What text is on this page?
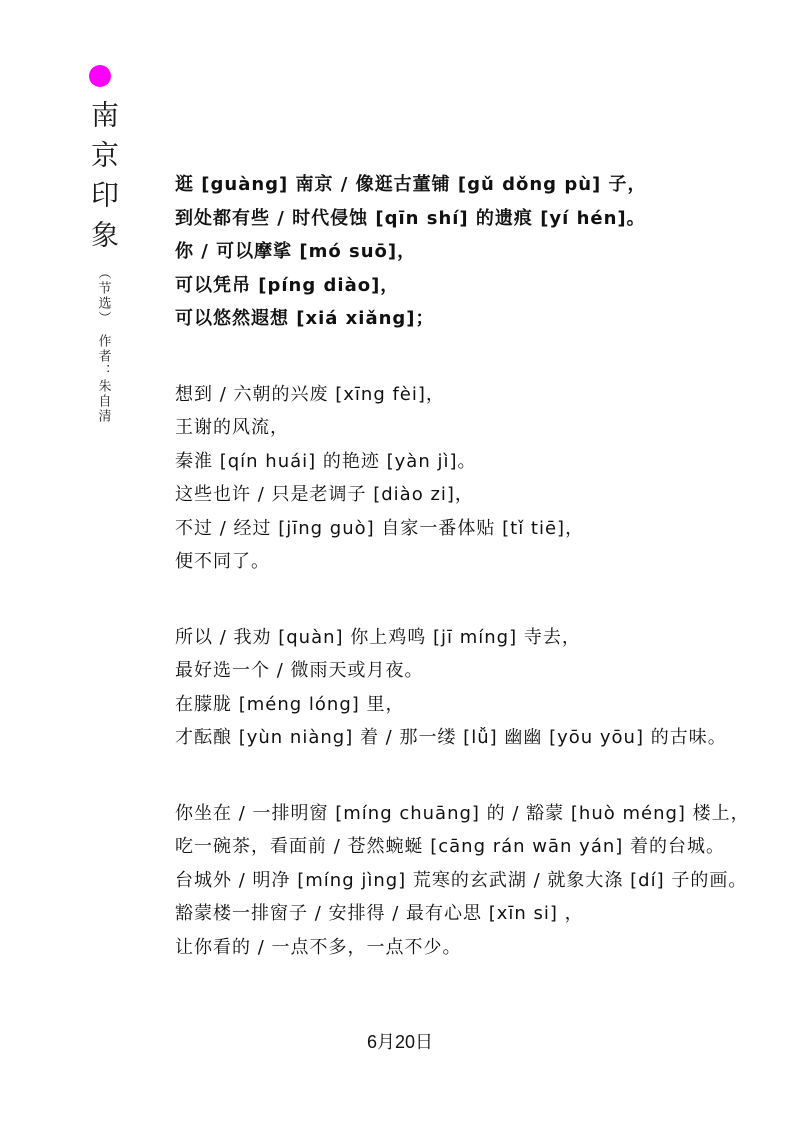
南京印象
（节选）
作者：朱自清
逛 [guàng] 南京 / 像逛古董铺 [gǔ dǒng pù] 子，
到处都有些 / 时代侵蚀 [qīn shí] 的遗痕 [yí hén]。
你 / 可以摩挲 [mó suō]，
可以凭吊 [píng diào]，
可以悠然遐想 [xiá xiǎng]；
想到 / 六朝的兴废 [xīng fèi]，
王谢的风流，
秦淮 [qín huái] 的艳迹 [yàn jì]。
这些也许 / 只是老调子 [diào zi]，
不过 / 经过 [jīng guò] 自家一番体贴 [tǐ tiē]，
便不同了。
所以 / 我劝 [quàn] 你上鸡鸣 [jī míng] 寺去，
最好选一个 / 微雨天或月夜。
在朦胧 [méng lóng] 里，
才酝酿 [yùn niàng] 着 / 那一缕 [lǚ] 幽幽 [yōu yōu] 的古味。
你坐在 / 一排明窗 [míng chuāng] 的 / 豁蒙 [huò méng] 楼上，
吃一碗茶，看面前 / 苍然蜿蜒 [cāng rán wān yán] 着的台城。
台城外 / 明净 [míng jìng] 荒寒的玄武湖 / 就象大涤 [dí] 子的画。
豁蒙楼一排窗子 / 安排得 / 最有心思 [xīn si] ，
让你看的 / 一点不多，一点不少。
6月20日
